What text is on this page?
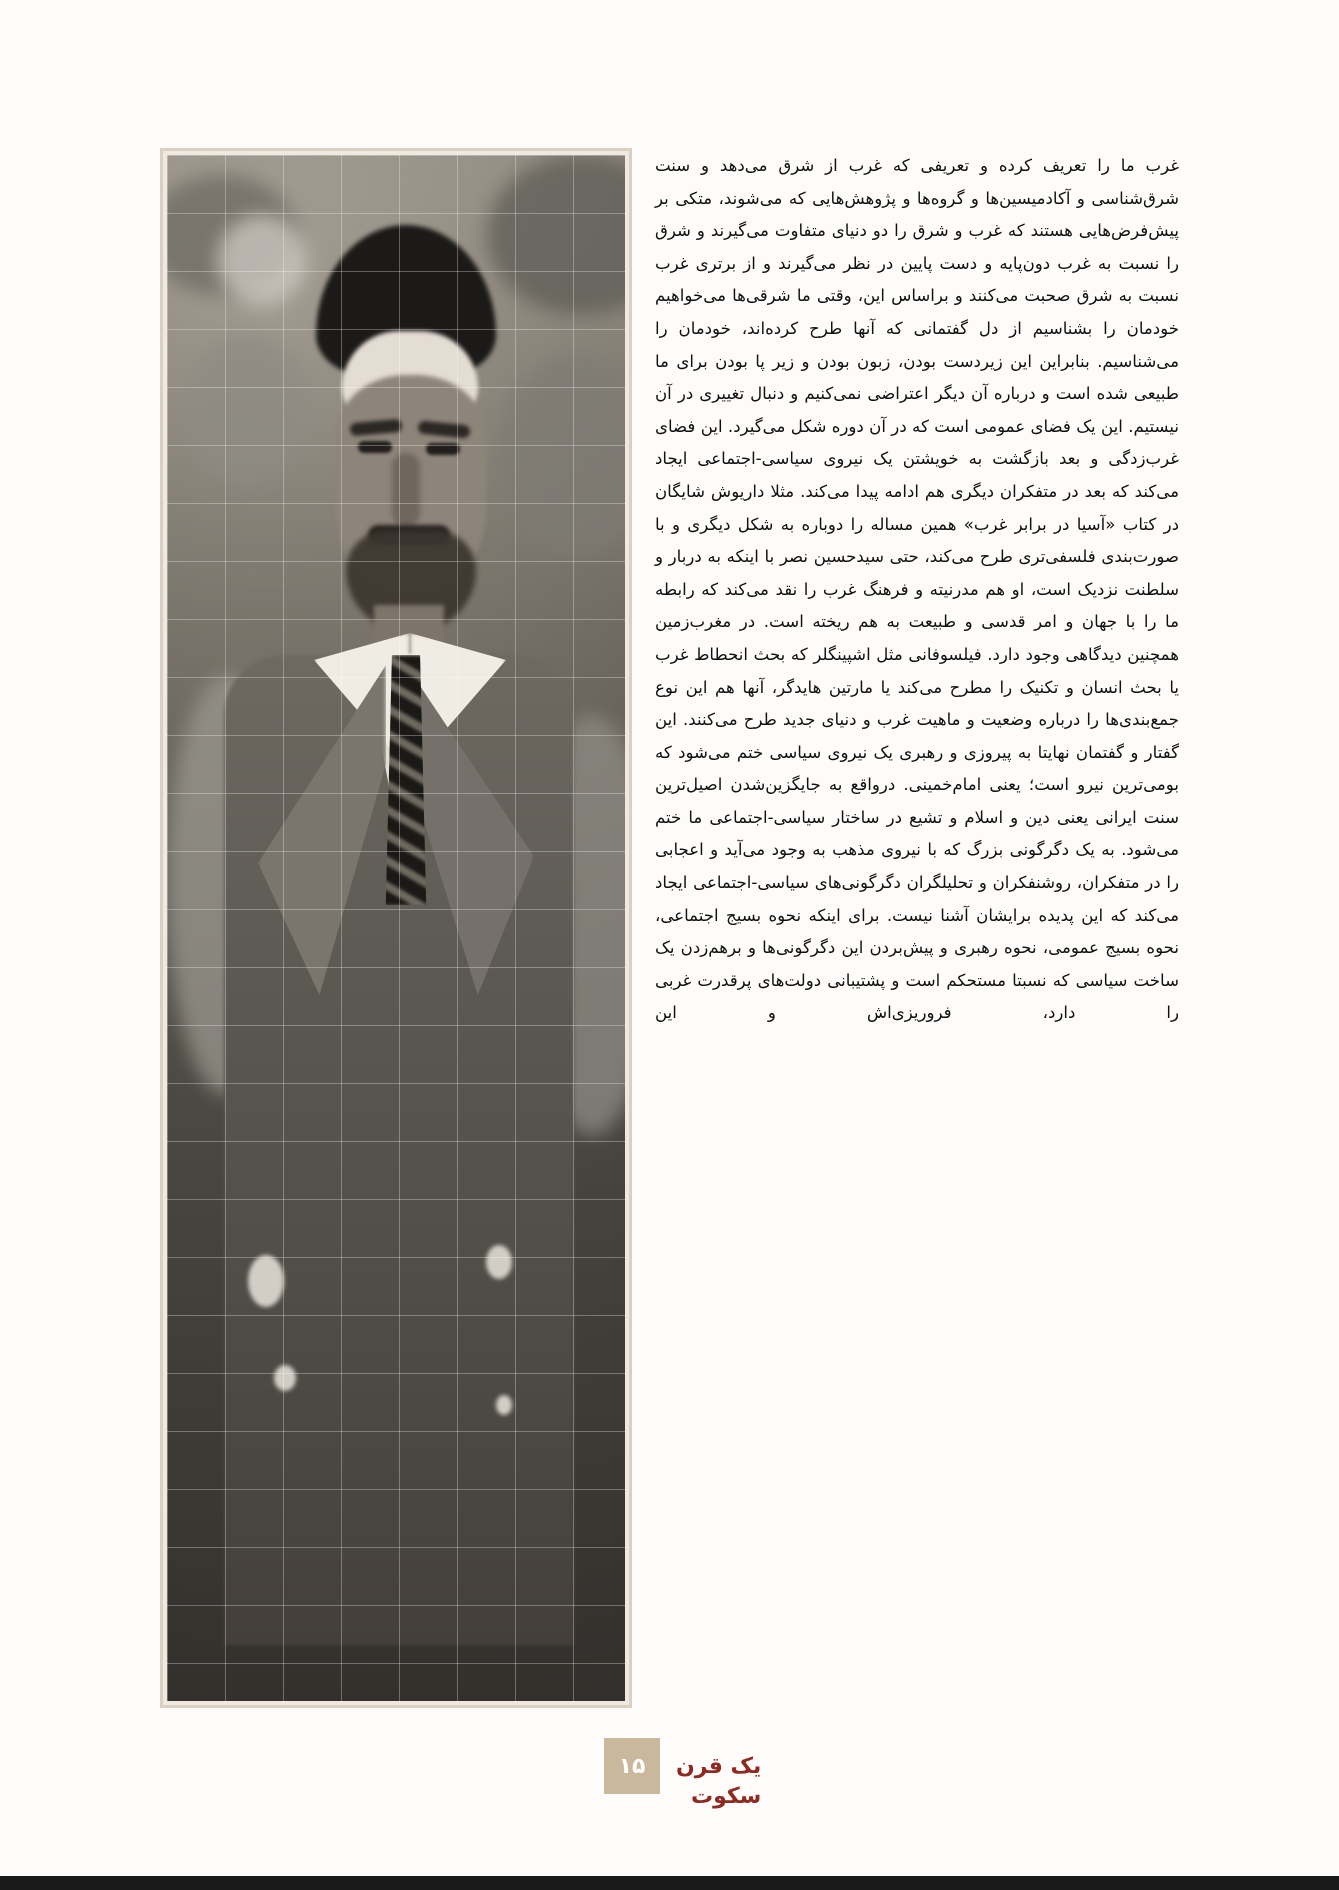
غرب ما را تعریف کرده و تعریفی که غرب از شرق می‌دهد و سنت شرق‌شناسی و آکادمیسین‌ها و گروه‌ها و پژوهش‌هایی که می‌شوند، متکی بر پیش‌فرض‌هایی هستند که غرب و شرق را دو دنیای متفاوت می‌گیرند و شرق را نسبت به غرب دون‌پایه و دست پایین در نظر می‌گیرند و از برتری غرب نسبت به شرق صحبت می‌کنند و براساس این، وقتی ما شرقی‌ها می‌خواهیم خودمان را بشناسیم از دل گفتمانی که آنها طرح کرده‌اند، خودمان را می‌شناسیم. بنابراین این زیردست بودن، زبون بودن و زیر پا بودن برای ما طبیعی شده است و درباره آن دیگر اعتراضی نمی‌کنیم و دنبال تغییری در آن نیستیم. این یک فضای عمومی است که در آن دوره شکل می‌گیرد. این فضای غرب‌زدگی و بعد بازگشت به خویشتن یک نیروی سیاسی-اجتماعی ایجاد می‌کند که بعد در متفکران دیگری هم ادامه پیدا می‌کند. مثلا داریوش شایگان در کتاب «آسیا در برابر غرب» همین مساله را دوباره به شکل دیگری و با صورت‌بندی فلسفی‌تری طرح می‌کند، حتی سیدحسین نصر با اینکه به دربار و سلطنت نزدیک است، او هم مدرنیته و فرهنگ غرب را نقد می‌کند که رابطه ما را با جهان و امر قدسی و طبیعت به هم ریخته است. در مغرب‌زمین همچنین دیدگاهی وجود دارد. فیلسوفانی مثل اشپینگلر که بحث انحطاط غرب یا بحث انسان و تکنیک را مطرح می‌کند یا مارتین هایدگر، آنها هم این نوع جمع‌بندی‌ها را درباره وضعیت و ماهیت غرب و دنیای جدید طرح می‌کنند. این گفتار و گفتمان نهایتا به پیروزی و رهبری یک نیروی سیاسی ختم می‌شود که بومی‌ترین نیرو است؛ یعنی امام‌خمینی. درواقع به جایگزین‌شدن اصیل‌ترین سنت ایرانی یعنی دین و اسلام و تشیع در ساختار سیاسی-اجتماعی ما ختم می‌شود. به یک دگرگونی بزرگ که با نیروی مذهب به وجود می‌آید و اعجابی را در متفکران، روشنفکران و تحلیلگران دگرگونی‌های سیاسی-اجتماعی ایجاد می‌کند که این پدیده برایشان آشنا نیست. برای اینکه نحوه بسیج اجتماعی، نحوه بسیج عمومی، نحوه رهبری و پیش‌بردن این دگرگونی‌ها و برهم‌زدن یک ساخت سیاسی که نسبتا مستحکم است و پشتیبانی دولت‌های پرقدرت غربی را دارد، فروریزی‌اش و این

۱۵	یک قرن
سکوت
